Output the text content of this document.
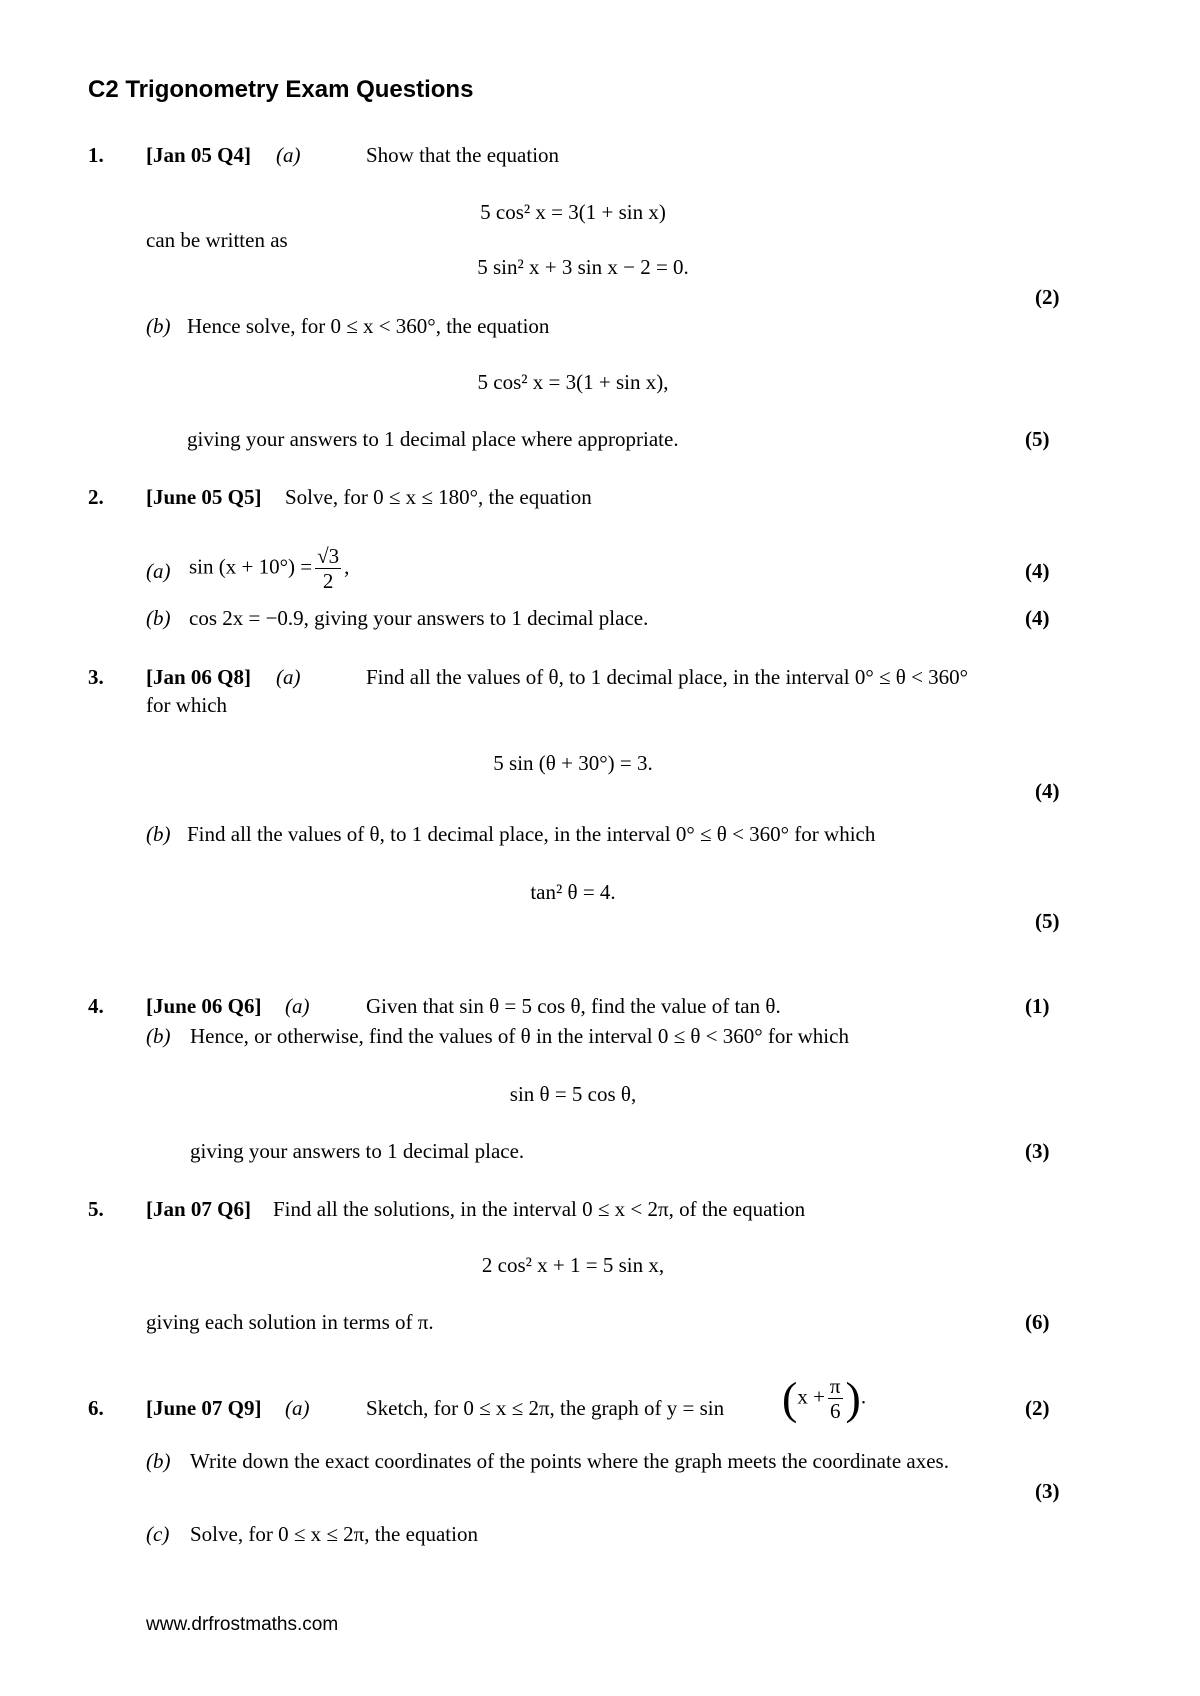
C2 Trigonometry Exam Questions
1. [Jan 05 Q4] (a)	Show that the equation
5 cos² x = 3(1 + sin x)
can be written as
5 sin² x + 3 sin x − 2 = 0.
(2)
(b) Hence solve, for 0 ≤ x < 360°, the equation
5 cos² x = 3(1 + sin x),
giving your answers to 1 decimal place where appropriate.	(5)
2. [June 05 Q5] Solve, for 0 ≤ x ≤ 180°, the equation
(a) $\sin (x + 10^\circ) = \frac{√3}{2}$ ,	(4)
(b) cos 2x = −0.9, giving your answers to 1 decimal place.	(4)
3. [Jan 06 Q8] (a)	Find all the values of θ, to 1 decimal place, in the interval 0° ≤ θ < 360°
for which
5 sin (θ + 30°) = 3.
(4)
(b) Find all the values of θ, to 1 decimal place, in the interval 0° ≤ θ < 360° for which
tan² θ = 4.
(5)
4. [June 06 Q6] (a)	Given that sin θ = 5 cos θ, find the value of tan θ.	(1)
(b) Hence, or otherwise, find the values of θ in the interval 0 ≤ θ < 360° for which
sin θ = 5 cos θ,
giving your answers to 1 decimal place.	(3)
5. [Jan 07 Q6] Find all the solutions, in the interval 0 ≤ x < 2π, of the equation
2 cos² x + 1 = 5 sin x,
giving each solution in terms of π.	(6)
6. [June 07 Q9] (a)	Sketch, for 0 ≤ x ≤ 2π, the graph of $y = \sin (x + \frac{\pi}{6}$ ).	(2)
(b) Write down the exact coordinates of the points where the graph meets the coordinate axes.
(3)
(c) Solve, for 0 ≤ x ≤ 2π, the equation
www.drfrostmaths.com
